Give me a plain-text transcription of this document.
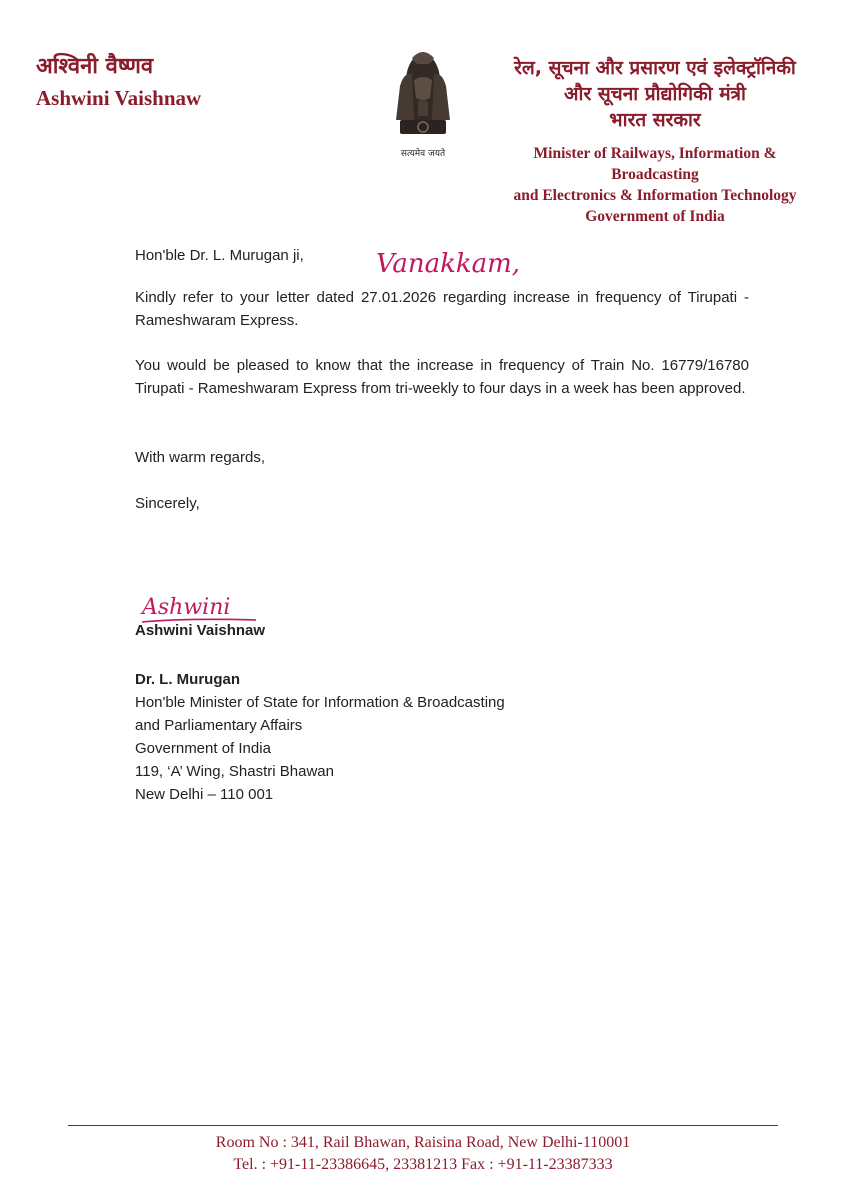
अश्विनी वैष्णव
Ashwini Vaishnaw
सत्यमेव जयते
रेल, सूचना और प्रसारण एवं इलेक्ट्रॉनिकी
और सूचना प्रौद्योगिकी मंत्री
भारत सरकार
Minister of Railways, Information & Broadcasting
and Electronics & Information Technology
Government of India
Hon'ble Dr. L. Murugan ji,	Vanakkam,
Kindly refer to your letter dated 27.01.2026 regarding increase in frequency of Tirupati - Rameshwaram Express.
You would be pleased to know that the increase in frequency of Train No. 16779/16780 Tirupati - Rameshwaram Express from tri-weekly to four days in a week has been approved.
With warm regards,
Sincerely,
Ashwini
Ashwini Vaishnaw
Dr. L. Murugan
Hon'ble Minister of State for Information & Broadcasting
and Parliamentary Affairs
Government of India
119, ‘A’ Wing, Shastri Bhawan
New Delhi – 110 001
Room No : 341, Rail Bhawan, Raisina Road, New Delhi-110001
Tel. : +91-11-23386645, 23381213 Fax : +91-11-23387333
